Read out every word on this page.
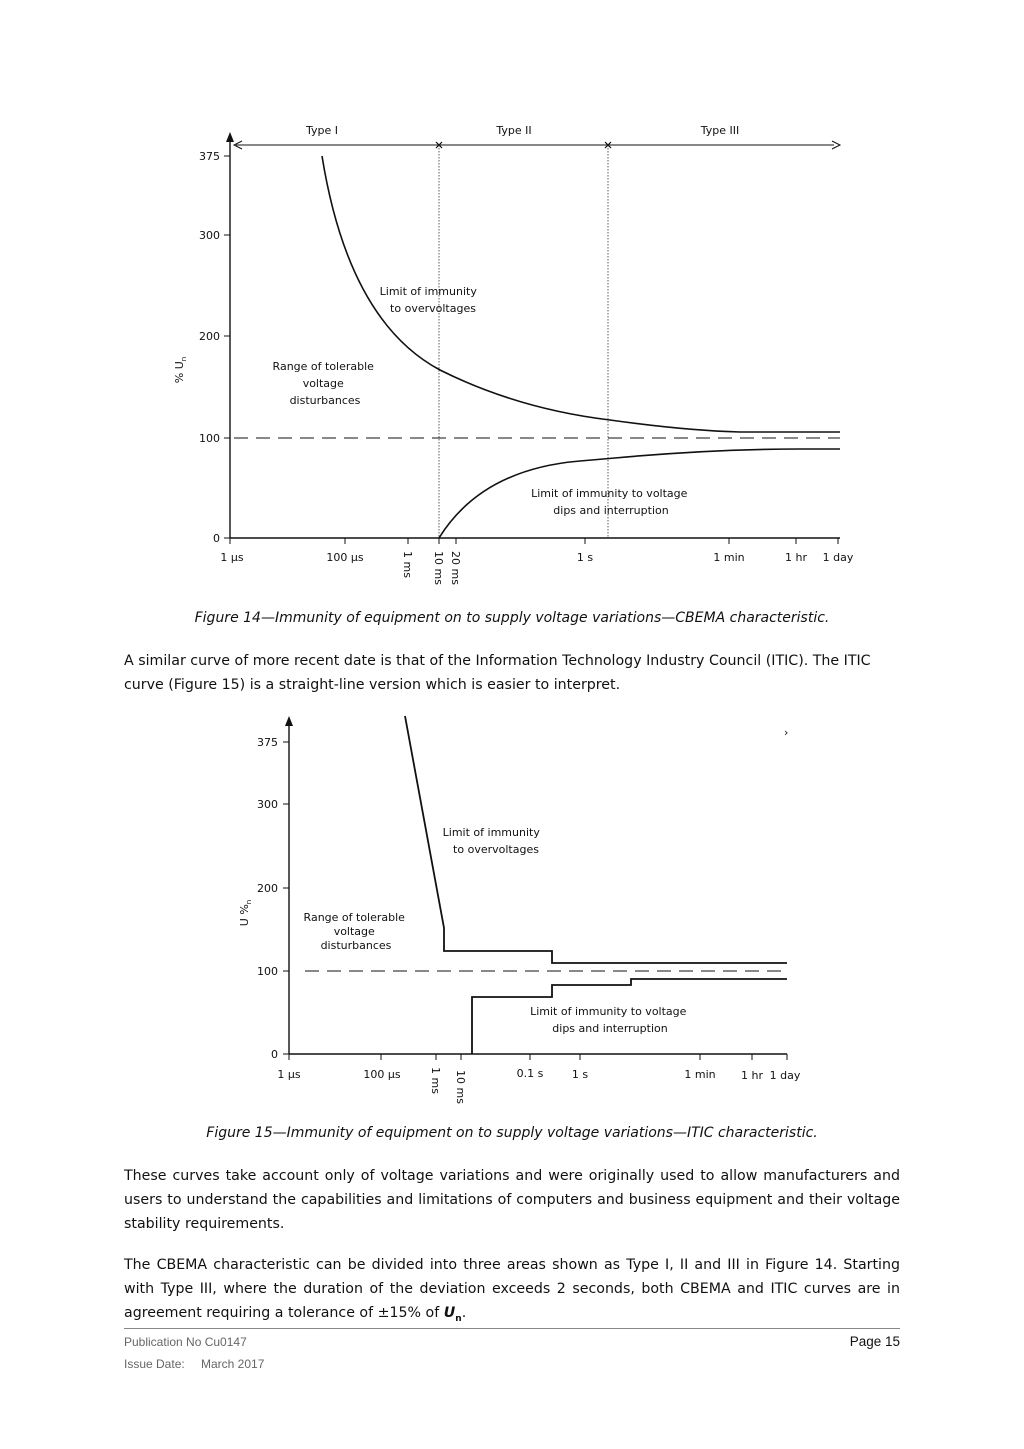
375
300
200
100
0
% $U_n$
1 μs	100 μs	1 ms 10 ms 20 ms	1 s	1 min	1 hr 1 day
Type I	Type II	Type III
Limit of immunity to overvoltages
Range of tolerable voltage disturbances
Limit of immunity to voltage dips and interruption
Figure 14—Immunity of equipment on to supply voltage variations—CBEMA characteristic.

A similar curve of more recent date is that of the Information Technology Industry Council (ITIC). The ITIC curve (Figure 15) is a straight-line version which is easier to interpret.

375
300
200
100
0
U $\%_n$
1 μs	100 μs	1 ms 10 ms	0.1 s	1 s	1 min 1 hr 1 day
›
Limit of immunity to overvoltages
Range of tolerable voltage disturbances
Limit of immunity to voltage dips and interruption
Figure 15—Immunity of equipment on to supply voltage variations—ITIC characteristic.

These curves take account only of voltage variations and were originally used to allow manufacturers and users to understand the capabilities and limitations of computers and business equipment and their voltage stability requirements.

The CBEMA characteristic can be divided into three areas shown as Type I, II and III in Figure 14. Starting with Type III, where the duration of the deviation exceeds 2 seconds, both CBEMA and ITIC curves are in agreement requiring a tolerance of ±15% of $U_n$.

Publication No Cu0147	Page 15
Issue Date: March 2017
